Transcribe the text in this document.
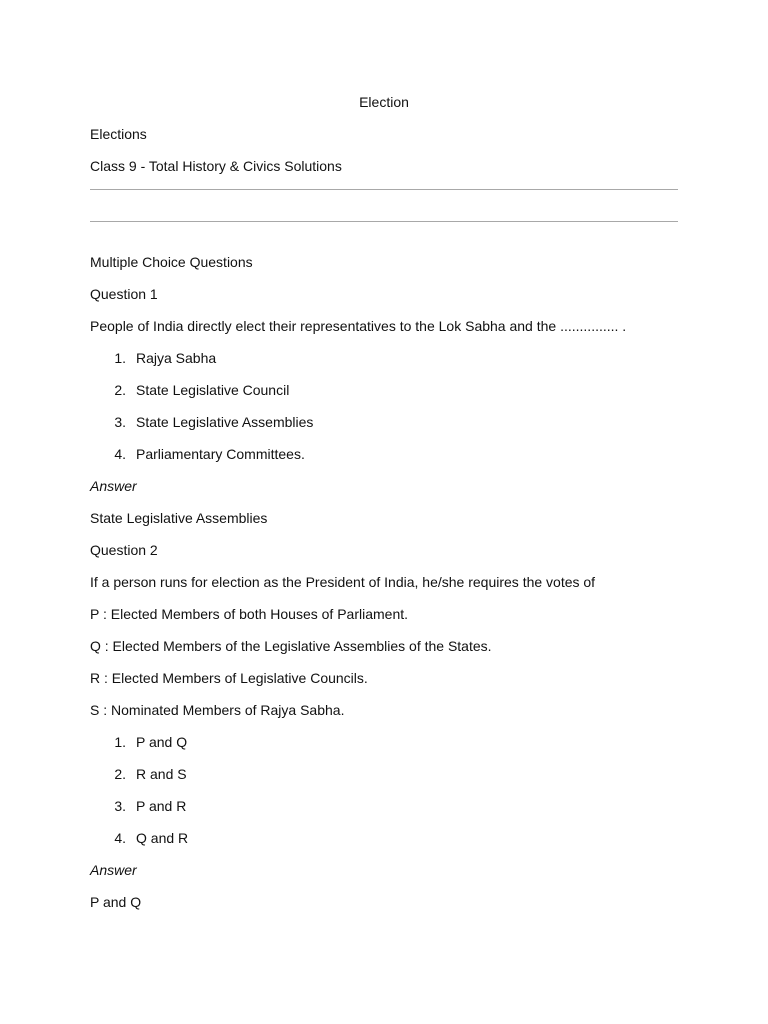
Election
Elections
Class 9 - Total History & Civics Solutions
Multiple Choice Questions
Question 1
People of India directly elect their representatives to the Lok Sabha and the ............... .
1. Rajya Sabha
2. State Legislative Council
3. State Legislative Assemblies
4. Parliamentary Committees.
Answer
State Legislative Assemblies
Question 2
If a person runs for election as the President of India, he/she requires the votes of
P : Elected Members of both Houses of Parliament.
Q : Elected Members of the Legislative Assemblies of the States.
R : Elected Members of Legislative Councils.
S : Nominated Members of Rajya Sabha.
1. P and Q
2. R and S
3. P and R
4. Q and R
Answer
P and Q
